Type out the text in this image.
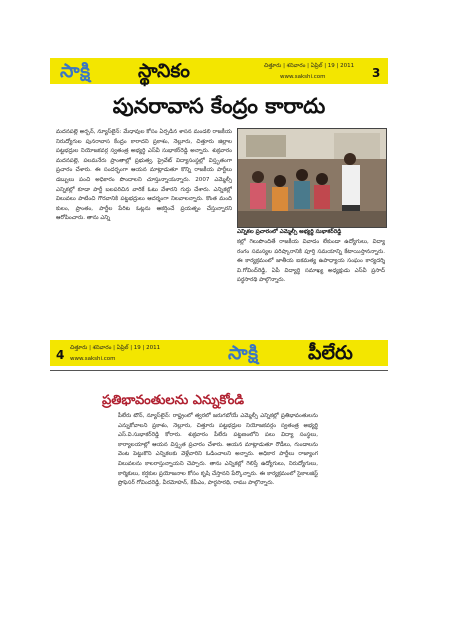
సాక్షి స్థానికం	చిత్తూరు | శనివారం | ఏప్రిల్ | 19 | 2011
www.sakshi.com	3
పునరావాస కేంద్రం కారాదు
మదనపల్లె అర్బన్, న్యూస్‌లైన్: మేధావుల కోసం ఏర్పడిన శాసన మండలి రాజకీయ నిరుద్యోగుల పునరావాస కేంద్రం కారాదని ప్రకాశం, నెల్లూరు, చిత్తూరు జిల్లాల పట్టభద్రుల నియోజకవర్గ స్వతంత్ర అభ్యర్థి ఎస్‌వీ సుభాకర్‌రెడ్డి అన్నారు. శుక్రవారం మదనపల్లె, పలమనేరు ప్రాంతాల్లో ప్రభుత్వ, ప్రైవేట్ విద్యాసంస్థల్లో విస్తృతంగా ప్రచారం చేశారు. ఈ సందర్భంగా ఆయన మాట్లాడుతూ కొన్ని రాజకీయ పార్టీలు డబ్బులు పంచి అధికారం పొందాలని చూస్తున్నాయన్నారు. 2007 ఎమ్మెల్సీ ఎన్నికల్లో కూడా పార్టీ బలపరిచిన వారికే ఓటు వేశారని గుర్తు చేశారు. ఎన్నికల్లో విలువలు పాటించి గౌరవానికి పట్టభద్రులు ఆదర్శంగా నిలవాలన్నారు. కొంత మంది కులం, ప్రాంతం, పార్టీల పేరిట ఓట్లను ఆకర్షించే ప్రయత్నం చేస్తున్నారని ఆరోపించారు. తాను ఎన్ని
ఎన్నికల ప్రచారంలో ఎమ్మెల్సీ అభ్యర్థి సుభాకర్‌రెడ్డి
కల్లో గెలుపొందితే రాజకీయ వివాదం లేకుండా ఉద్యోగులు, విద్యా రంగం సమస్యల పరిష్కారానికి పూర్తి సమయాన్ని కేటాయిస్తానన్నారు. ఈ కార్యక్రమంలో జాతీయ ఐకమత్య ఉపాధ్యాయ సంఘం కార్యదర్శి వి.గోవింద్‌రెడ్డి, ఏపీ విద్యార్థి సమాఖ్య అధ్యక్షుడు ఎస్‌వీ ప్రసాద్ పర్థసారథి పాల్గొన్నారు.
4 చిత్తూరు | శనివారం | ఏప్రిల్ | 19 | 2011
www.sakshi.com	సాక్షి	పీలేరు
ప్రతిభావంతులను ఎన్నుకోండి
పీలేరు టౌన్, న్యూస్‌లైన్: రాష్ట్రంలో త్వరలో జరుగబోయే ఎమ్మెల్సీ ఎన్నికల్లో ప్రతిభావంతులను ఎన్నుకోవాలని ప్రకాశం, నెల్లూరు, చిత్తూరు పట్టభద్రుల నియోజకవర్గం స్వతంత్ర అభ్యర్థి ఎస్.వి.సుభాకర్‌రెడ్డి కోరారు. శుక్రవారం పీలేరు పట్టణంలోని పలు విద్యా సంస్థలు, కార్యాలయాల్లో ఆయన విస్తృత ప్రచారం చేశారు. ఆయన మాట్లాడుతూ రౌడీలు, గుండాలను వెంట పెట్టుకొని ఎన్నికలకు వెళ్లేవారిని ఓడించాలని అన్నారు. అధికార పార్టీలు రాజ్యాంగ విలువలను కాలరాస్తున్నాయని చెప్పారు. తాను ఎన్నికల్లో గెలిస్తే ఉద్యోగులు, నిరుద్యోగులు, కార్మికులు, కర్షకుల ప్రయోజనాల కోసం కృషి చేస్తానని పేర్కొన్నారు. ఈ కార్యక్రమంలో సైకాలజిస్ట్ ప్రొఫెసర్ గోవిందరెడ్డి, వీరమోహన్, కేపీఎం, పార్థసారథి, రాము పాల్గొన్నారు.
